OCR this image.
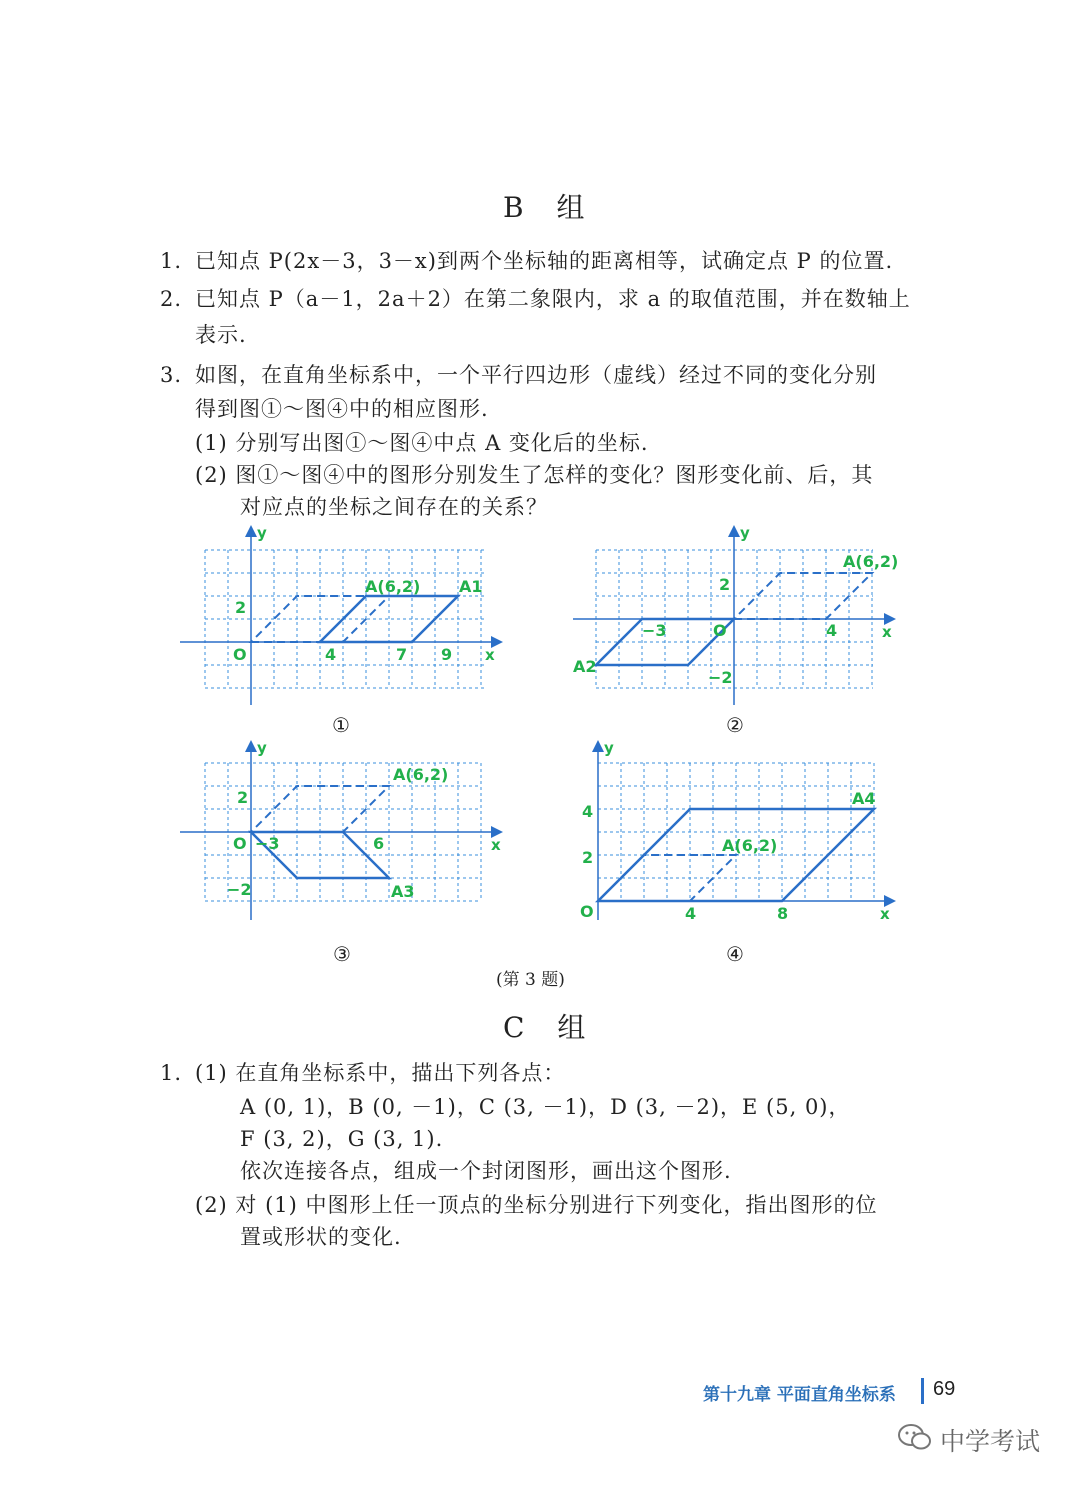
B 组
1. 已知点 P(2x－3，3－x)到两个坐标轴的距离相等，试确定点 P 的位置.
2. 已知点 P（a－1，2a＋2）在第二象限内，求 a 的取值范围，并在数轴上
表示.
3. 如图，在直角坐标系中，一个平行四边形（虚线）经过不同的变化分别
得到图①～图④中的相应图形.
(1) 分别写出图①～图④中点 A 变化后的坐标.
(2) 图①～图④中的图形分别发生了怎样的变化？图形变化前、后，其
对应点的坐标之间存在的关系？
y
x
O
2
4	7 9
A(6,2) A1
①
y
x
O
2
−3	4
−2
A(6,2)
A2
②
y
x
O
2
−3	6
−2
A(6,2)
A3
③
y
x
O
4
2
4	8
A(6,2)
A4
④
(第 3 题)
C 组
1. (1) 在直角坐标系中，描出下列各点：
A (0, 1)，B (0, －1)，C (3, －1)，D (3, －2)，E (5, 0)，
F (3, 2)，G (3, 1).
依次连接各点，组成一个封闭图形，画出这个图形.
(2) 对 (1) 中图形上任一顶点的坐标分别进行下列变化，指出图形的位
置或形状的变化.
第十九章 平面直角坐标系 69
中学考试
